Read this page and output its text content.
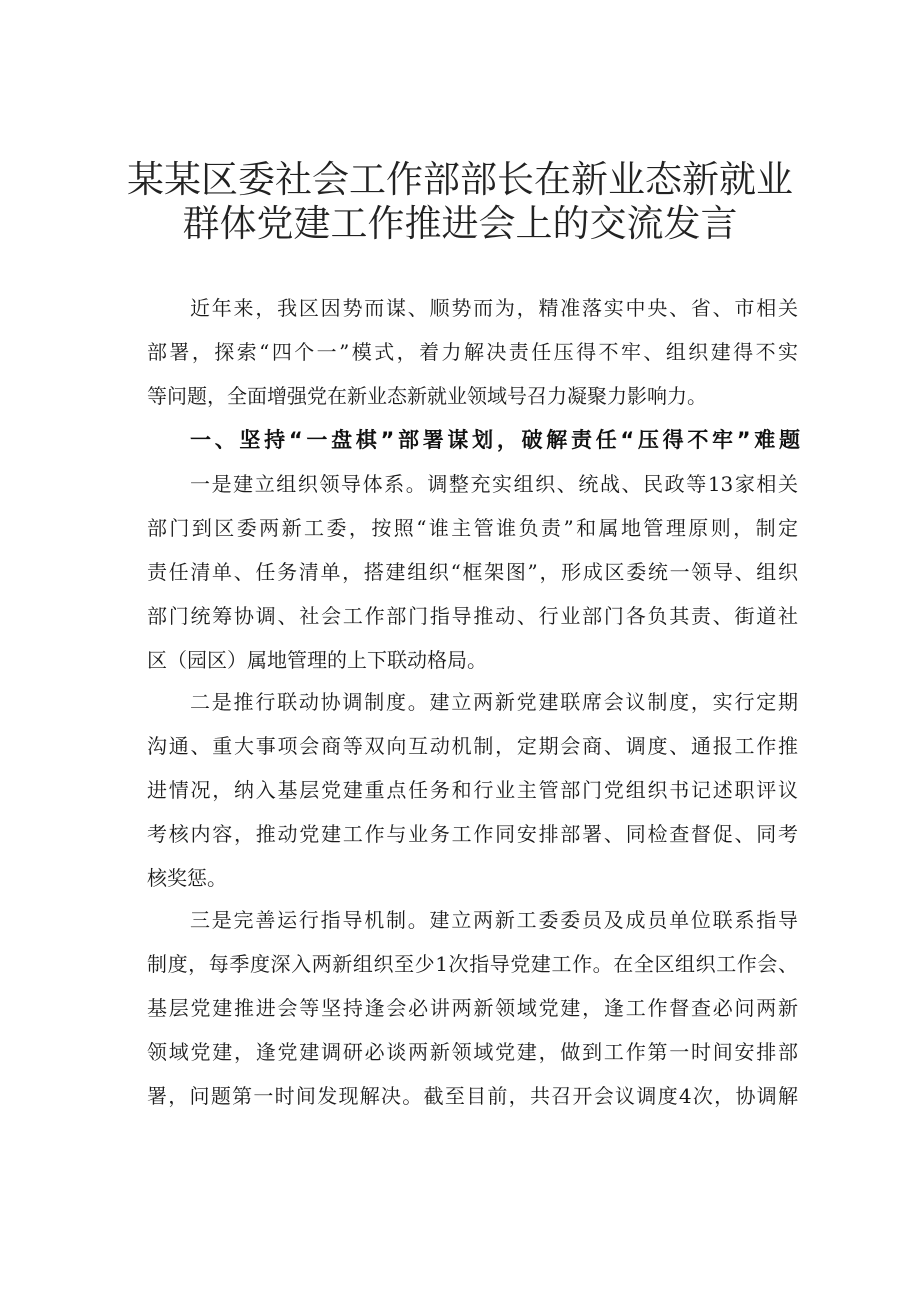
某某区委社会工作部部长在新业态新就业
群体党建工作推进会上的交流发言
近年来，我区因势而谋、顺势而为，精准落实中央、省、市相关
部署，探索“四个一”模式，着力解决责任压得不牢、组织建得不实
等问题，全面增强党在新业态新就业领域号召力凝聚力影响力。
一、坚持“一盘棋”部署谋划，破解责任“压得不牢”难题
一是建立组织领导体系。调整充实组织、统战、民政等13家相关
部门到区委两新工委，按照“谁主管谁负责”和属地管理原则，制定
责任清单、任务清单，搭建组织“框架图”，形成区委统一领导、组织
部门统筹协调、社会工作部门指导推动、行业部门各负其责、街道社
区（园区）属地管理的上下联动格局。
二是推行联动协调制度。建立两新党建联席会议制度，实行定期
沟通、重大事项会商等双向互动机制，定期会商、调度、通报工作推
进情况，纳入基层党建重点任务和行业主管部门党组织书记述职评议
考核内容，推动党建工作与业务工作同安排部署、同检查督促、同考
核奖惩。
三是完善运行指导机制。建立两新工委委员及成员单位联系指导
制度，每季度深入两新组织至少1次指导党建工作。在全区组织工作会、
基层党建推进会等坚持逢会必讲两新领域党建，逢工作督查必问两新
领域党建，逢党建调研必谈两新领域党建，做到工作第一时间安排部
署，问题第一时间发现解决。截至目前，共召开会议调度4次，协调解
